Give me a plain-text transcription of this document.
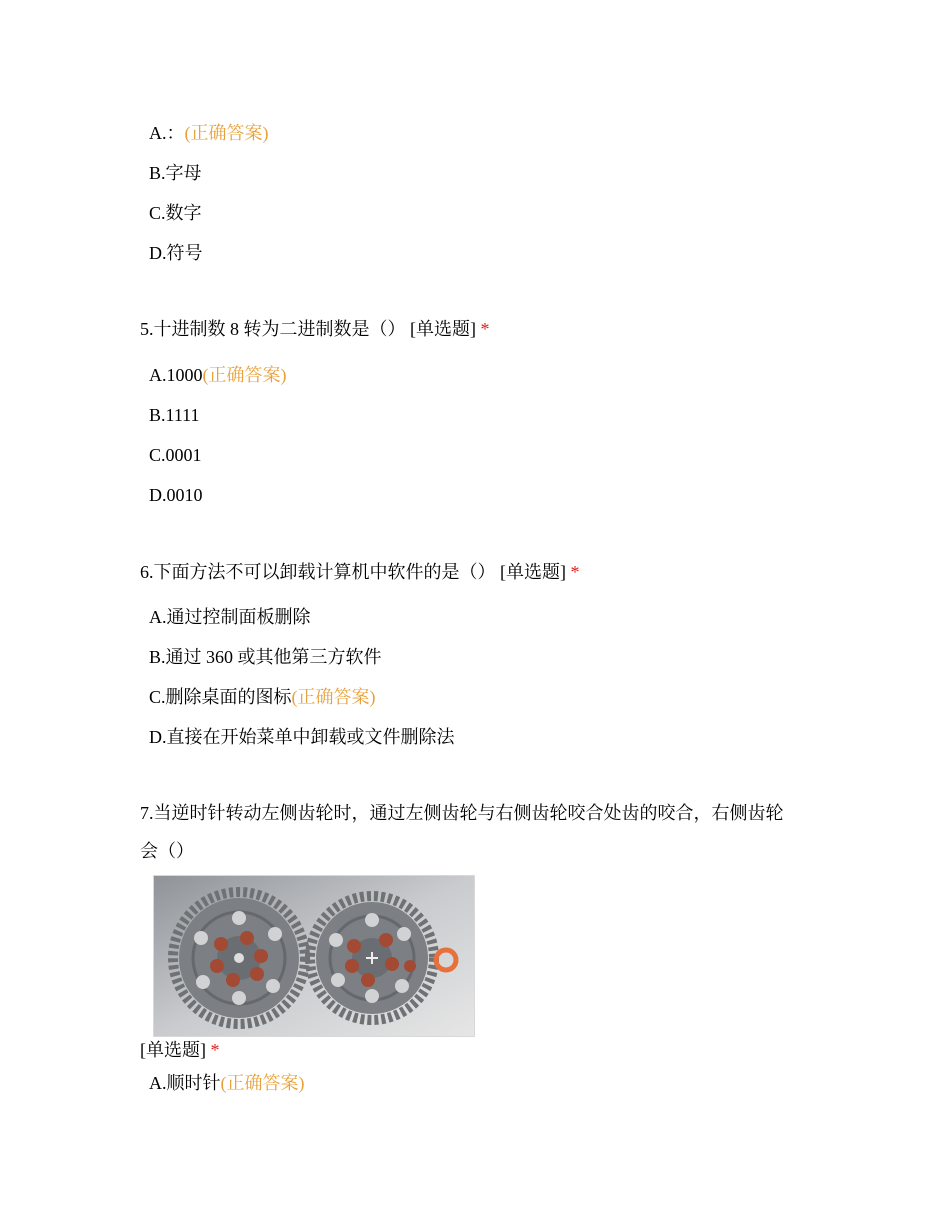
A.：(正确答案)
B.字母
C.数字
D.符号
5.十进制数 8 转为二进制数是（） [单选题] *
A.1000(正确答案)
B.1111
C.0001
D.0010
6.下面方法不可以卸载计算机中软件的是（） [单选题] *
A.通过控制面板删除
B.通过 360 或其他第三方软件
C.删除桌面的图标(正确答案)
D.直接在开始菜单中卸载或文件删除法
7.当逆时针转动左侧齿轮时，通过左侧齿轮与右侧齿轮咬合处齿的咬合，右侧齿轮
会（）
[单选题] *
A.顺时针(正确答案)
